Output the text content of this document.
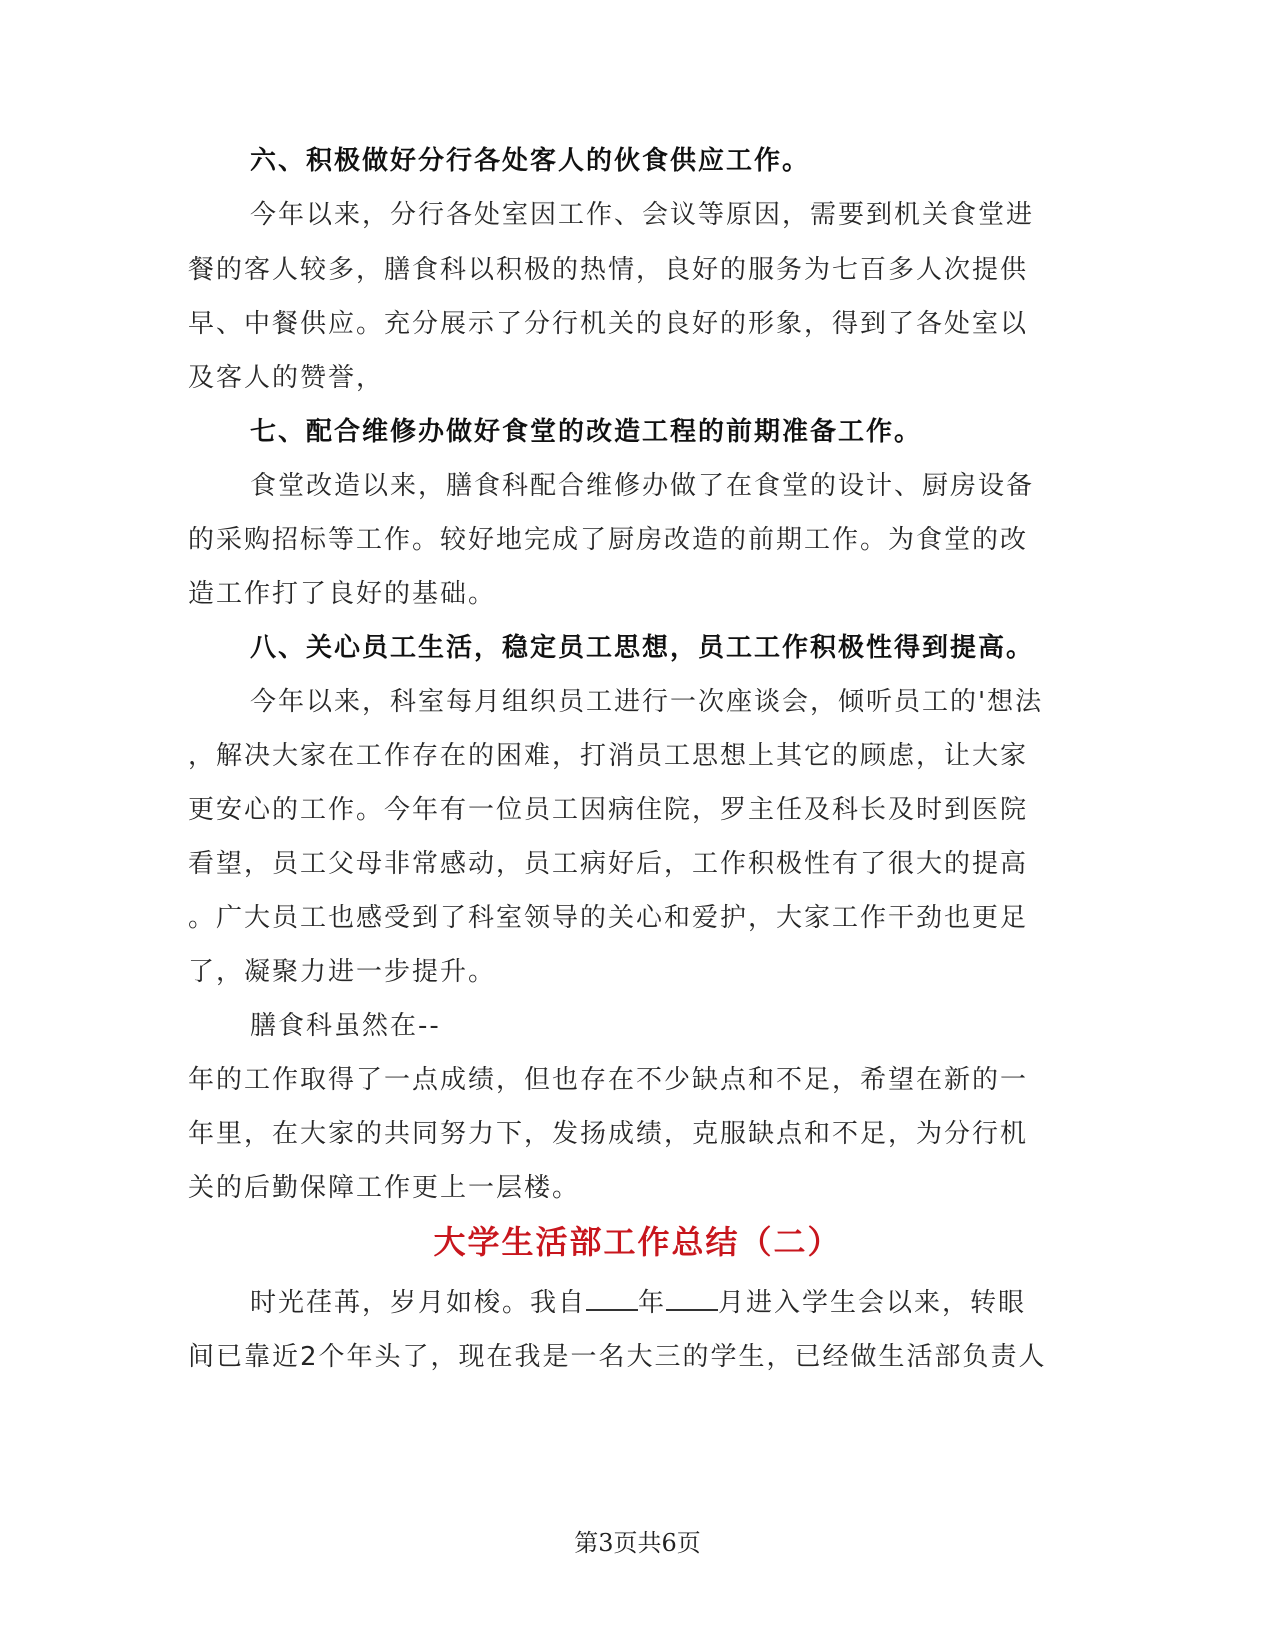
六、积极做好分行各处客人的伙食供应工作。
今年以来，分行各处室因工作、会议等原因，需要到机关食堂进
餐的客人较多，膳食科以积极的热情，良好的服务为七百多人次提供
早、中餐供应。充分展示了分行机关的良好的形象，得到了各处室以
及客人的赞誉，
七、配合维修办做好食堂的改造工程的前期准备工作。
食堂改造以来，膳食科配合维修办做了在食堂的设计、厨房设备
的采购招标等工作。较好地完成了厨房改造的前期工作。为食堂的改
造工作打了良好的基础。
八、关心员工生活，稳定员工思想，员工工作积极性得到提高。
今年以来，科室每月组织员工进行一次座谈会，倾听员工的'想法
，解决大家在工作存在的困难，打消员工思想上其它的顾虑，让大家
更安心的工作。今年有一位员工因病住院，罗主任及科长及时到医院
看望，员工父母非常感动，员工病好后，工作积极性有了很大的提高
。广大员工也感受到了科室领导的关心和爱护，大家工作干劲也更足
了，凝聚力进一步提升。
膳食科虽然在--
年的工作取得了一点成绩，但也存在不少缺点和不足，希望在新的一
年里，在大家的共同努力下，发扬成绩，克服缺点和不足，为分行机
关的后勤保障工作更上一层楼。
大学生活部工作总结（二）
时光荏苒，岁月如梭。我自 年 月进入学生会以来，转眼
间已靠近2个年头了，现在我是一名大三的学生，已经做生活部负责人
第3页共6页
